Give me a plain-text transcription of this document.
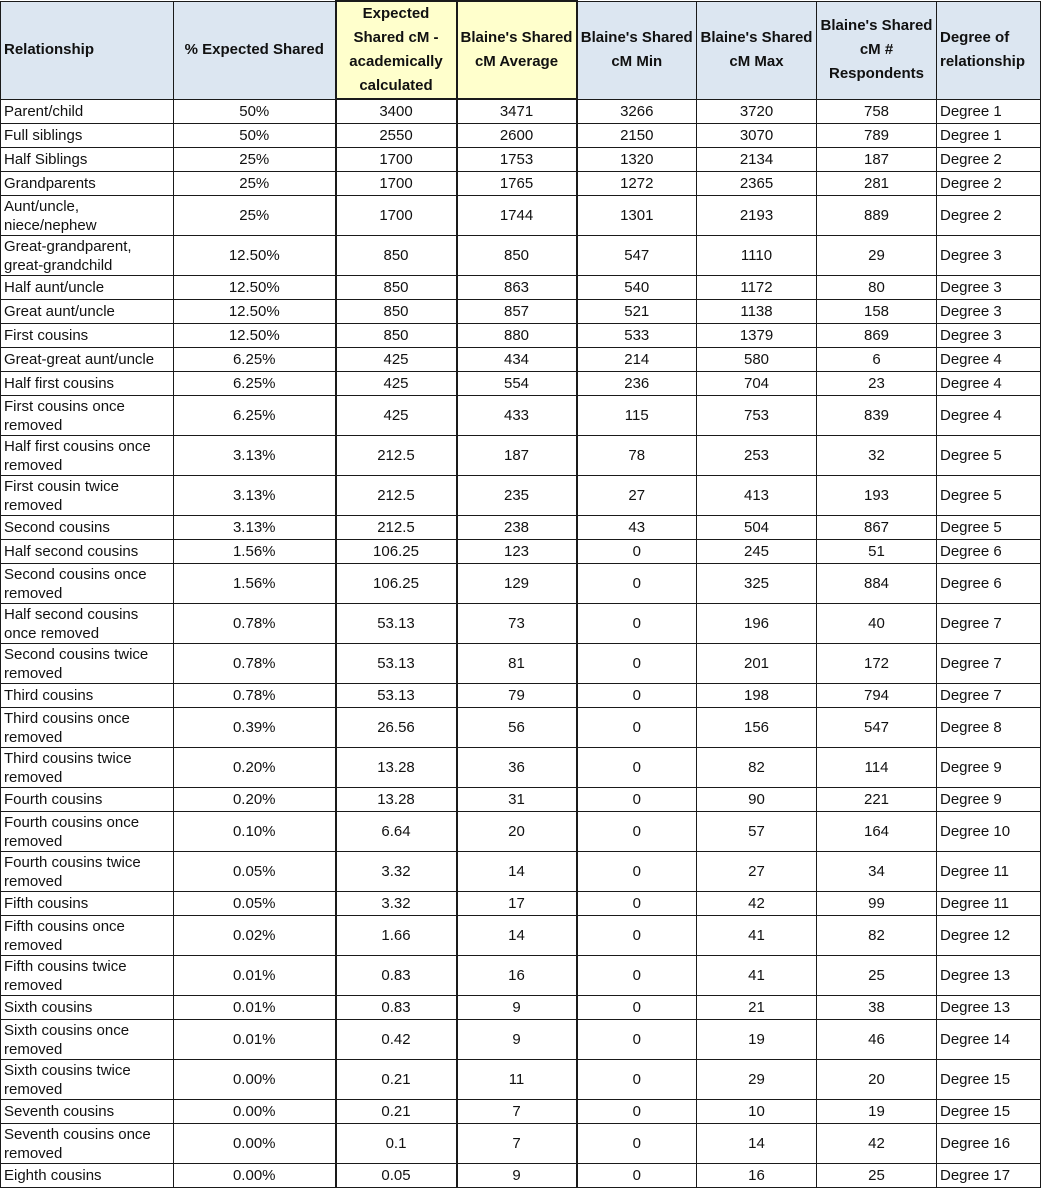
Relationship	% Expected Shared	Expected Shared cM - academically calculated	Blaine's Shared cM Average	Blaine's Shared cM Min	Blaine's Shared cM Max	Blaine's Shared cM # Respondents	Degree of relationship
Parent/child	50%	3400	3471	3266	3720	758	Degree 1
Full siblings	50%	2550	2600	2150	3070	789	Degree 1
Half Siblings	25%	1700	1753	1320	2134	187	Degree 2
Grandparents	25%	1700	1765	1272	2365	281	Degree 2
Aunt/uncle, niece/nephew	25%	1700	1744	1301	2193	889	Degree 2
Great-grandparent, great-grandchild	12.50%	850	850	547	1110	29	Degree 3
Half aunt/uncle	12.50%	850	863	540	1172	80	Degree 3
Great aunt/uncle	12.50%	850	857	521	1138	158	Degree 3
First cousins	12.50%	850	880	533	1379	869	Degree 3
Great-great aunt/uncle	6.25%	425	434	214	580	6	Degree 4
Half first cousins	6.25%	425	554	236	704	23	Degree 4
First cousins once removed	6.25%	425	433	115	753	839	Degree 4
Half first cousins once removed	3.13%	212.5	187	78	253	32	Degree 5
First cousin twice removed	3.13%	212.5	235	27	413	193	Degree 5
Second cousins	3.13%	212.5	238	43	504	867	Degree 5
Half second cousins	1.56%	106.25	123	0	245	51	Degree 6
Second cousins once removed	1.56%	106.25	129	0	325	884	Degree 6
Half second cousins once removed	0.78%	53.13	73	0	196	40	Degree 7
Second cousins twice removed	0.78%	53.13	81	0	201	172	Degree 7
Third cousins	0.78%	53.13	79	0	198	794	Degree 7
Third cousins once removed	0.39%	26.56	56	0	156	547	Degree 8
Third cousins twice removed	0.20%	13.28	36	0	82	114	Degree 9
Fourth cousins	0.20%	13.28	31	0	90	221	Degree 9
Fourth cousins once removed	0.10%	6.64	20	0	57	164	Degree 10
Fourth cousins twice removed	0.05%	3.32	14	0	27	34	Degree 11
Fifth cousins	0.05%	3.32	17	0	42	99	Degree 11
Fifth cousins once removed	0.02%	1.66	14	0	41	82	Degree 12
Fifth cousins twice removed	0.01%	0.83	16	0	41	25	Degree 13
Sixth cousins	0.01%	0.83	9	0	21	38	Degree 13
Sixth cousins once removed	0.01%	0.42	9	0	19	46	Degree 14
Sixth cousins twice removed	0.00%	0.21	11	0	29	20	Degree 15
Seventh cousins	0.00%	0.21	7	0	10	19	Degree 15
Seventh cousins once removed	0.00%	0.1	7	0	14	42	Degree 16
Eighth cousins	0.00%	0.05	9	0	16	25	Degree 17
